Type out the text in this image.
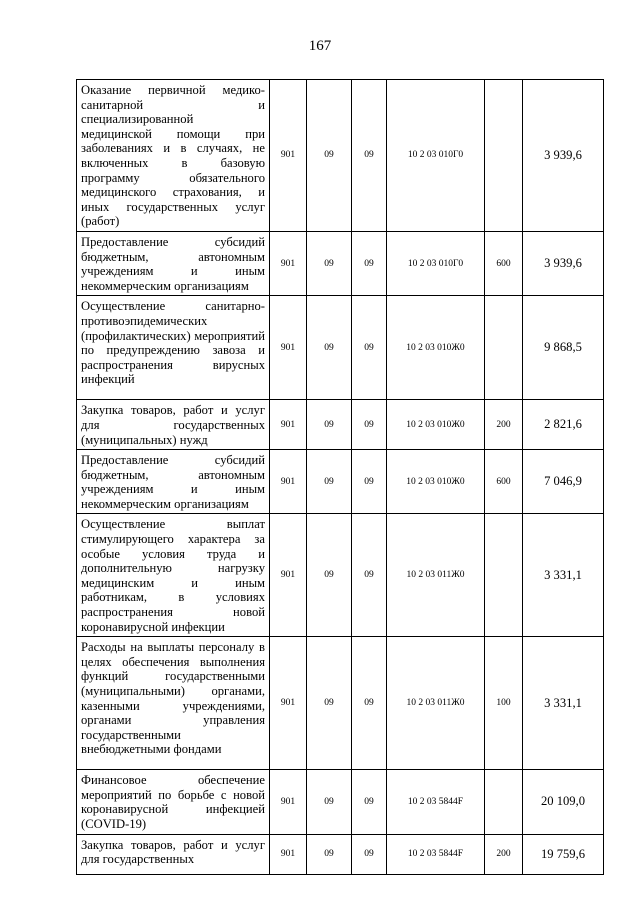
167
Оказание первичной медико-санитарной и специализированной медицинской помощи при заболеваниях и в случаях, не включенных в базовую программу обязательного медицинского страхования, и иных государственных услуг (работ)	901	09	09	10 2 03 010Г0		3 939,6
Предоставление субсидий бюджетным, автономным учреждениям и иным некоммерческим организациям	901	09	09	10 2 03 010Г0	600	3 939,6
Осуществление санитарно-противоэпидемических (профилактических) мероприятий по предупреждению завоза и распространения вирусных инфекций	901	09	09	10 2 03 010Ж0		9 868,5
Закупка товаров, работ и услуг для государственных (муниципальных) нужд	901	09	09	10 2 03 010Ж0	200	2 821,6
Предоставление субсидий бюджетным, автономным учреждениям и иным некоммерческим организациям	901	09	09	10 2 03 010Ж0	600	7 046,9
Осуществление выплат стимулирующего характера за особые условия труда и дополнительную нагрузку медицинским и иным работникам, в условиях распространения новой коронавирусной инфекции	901	09	09	10 2 03 011Ж0		3 331,1
Расходы на выплаты персоналу в целях обеспечения выполнения функций государственными (муниципальными) органами, казенными учреждениями, органами управления государственными внебюджетными фондами	901	09	09	10 2 03 011Ж0	100	3 331,1
Финансовое обеспечение мероприятий по борьбе с новой коронавирусной инфекцией (COVID-19)	901	09	09	10 2 03 5844F		20 109,0

Закупка товаров, работ и услуг для государственных	901	09	09	10 2 03 5844F	200	19 759,6
